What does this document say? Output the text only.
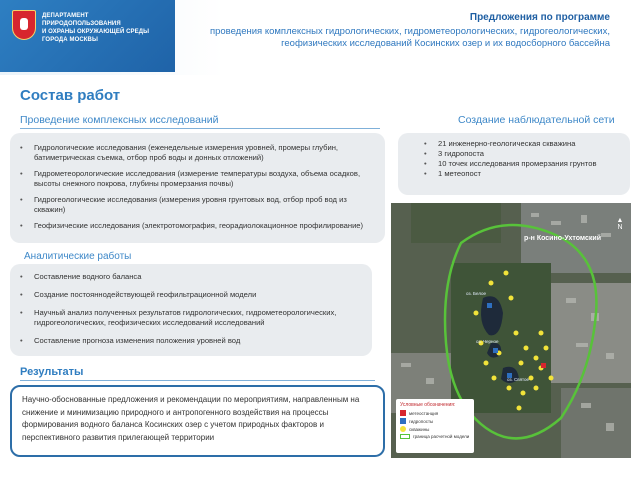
ДЕПАРТАМЕНТ
ПРИРОДОПОЛЬЗОВАНИЯ
И ОХРАНЫ ОКРУЖАЮЩЕЙ СРЕДЫ
ГОРОДА МОСКВЫ
Предложения по программе
проведения комплексных гидрологических, гидрометеорологических, гидрогеологических, геофизических исследований Косинских озер и их водосборного бассейна
Состав работ
Проведение комплексных исследований
• Гидрологические исследования (еженедельные измерения уровней, промеры глубин, батиметрическая съемка, отбор проб воды и донных отложений)
• Гидрометеорологические исследования (измерение температуры воздуха, объема осадков, высоты снежного покрова, глубины промерзания почвы)
• Гидрогеологические исследования (измерения уровня грунтовых вод, отбор проб вод из скважин)
• Геофизические исследования (электротомография, георадиолокационное профилирование)
Аналитические работы
• Составление водного баланса
• Создание постояннодействующей геофильтрационной модели
• Научный анализ полученных результатов гидрологических, гидрометеорологических, гидрогеологических, геофизических исследований исследований
• Составление прогноза изменения положения уровней вод
Результаты
Научно-обоснованные предложения и рекомендации по мероприятиям, направленным на снижение и минимизацию природного и антропогенного воздействия на процессы формирования водного баланса Косинских озер с учетом природных факторов и перспективного развития прилегающей территории
Создание наблюдательной сети
• 21 инженерно-геологическая скважина
• 3 гидропоста
• 10 точек исследования промерзания грунтов
• 1 метеопост
оз. Белое
оз. Черное
оз. Святое
р-н Косино-Ухтомский
▲
N
Условные обозначения:
метеостанция
гидропосты
скважины
граница расчетной модели
